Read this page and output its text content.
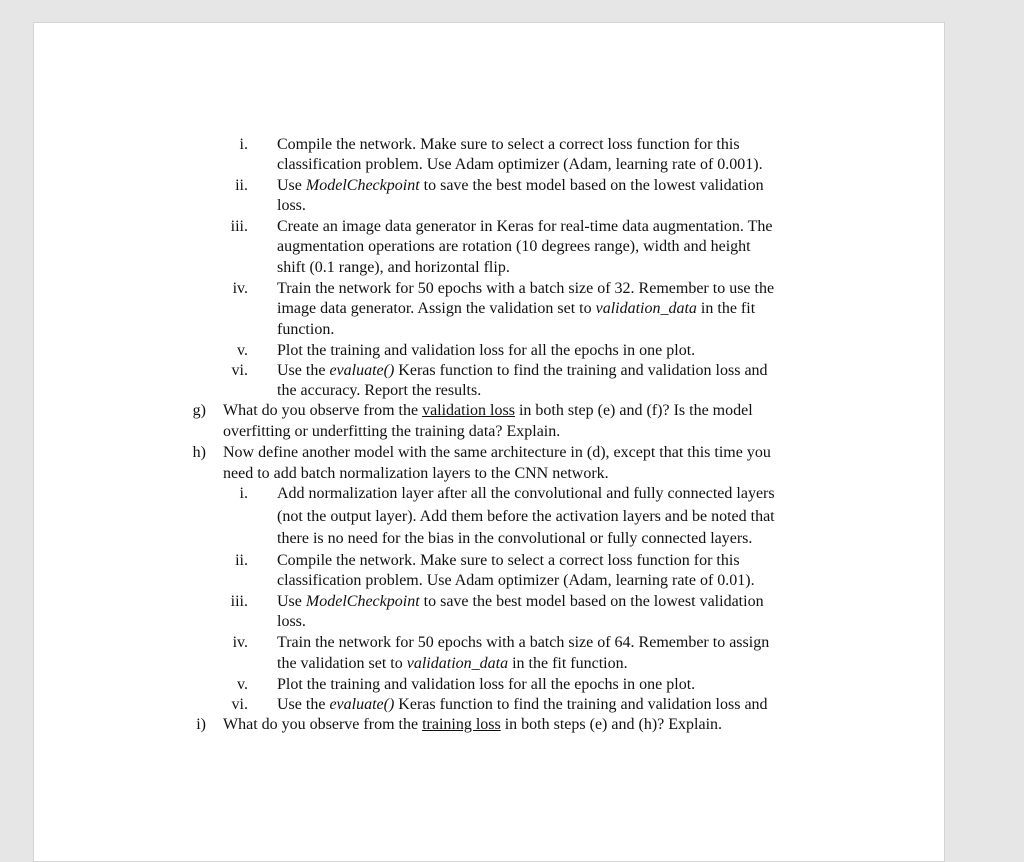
i. Compile the network. Make sure to select a correct loss function for this
classification problem. Use Adam optimizer (Adam, learning rate of 0.001).
ii. Use ModelCheckpoint to save the best model based on the lowest validation
loss.
iii. Create an image data generator in Keras for real-time data augmentation. The
augmentation operations are rotation (10 degrees range), width and height
shift (0.1 range), and horizontal flip.
iv. Train the network for 50 epochs with a batch size of 32. Remember to use the
image data generator. Assign the validation set to validation_data in the fit
function.
v. Plot the training and validation loss for all the epochs in one plot.
vi. Use the evaluate() Keras function to find the training and validation loss and
the accuracy. Report the results.
g) What do you observe from the validation loss in both step (e) and (f)? Is the model
overfitting or underfitting the training data? Explain.
h) Now define another model with the same architecture in (d), except that this time you
need to add batch normalization layers to the CNN network.
i. Add normalization layer after all the convolutional and fully connected layers
(not the output layer). Add them before the activation layers and be noted that
there is no need for the bias in the convolutional or fully connected layers.
ii. Compile the network. Make sure to select a correct loss function for this
classification problem. Use Adam optimizer (Adam, learning rate of 0.01).
iii. Use ModelCheckpoint to save the best model based on the lowest validation
loss.
iv. Train the network for 50 epochs with a batch size of 64. Remember to assign
the validation set to validation_data in the fit function.
v. Plot the training and validation loss for all the epochs in one plot.
vi. Use the evaluate() Keras function to find the training and validation loss and
i) What do you observe from the training loss in both steps (e) and (h)? Explain.
